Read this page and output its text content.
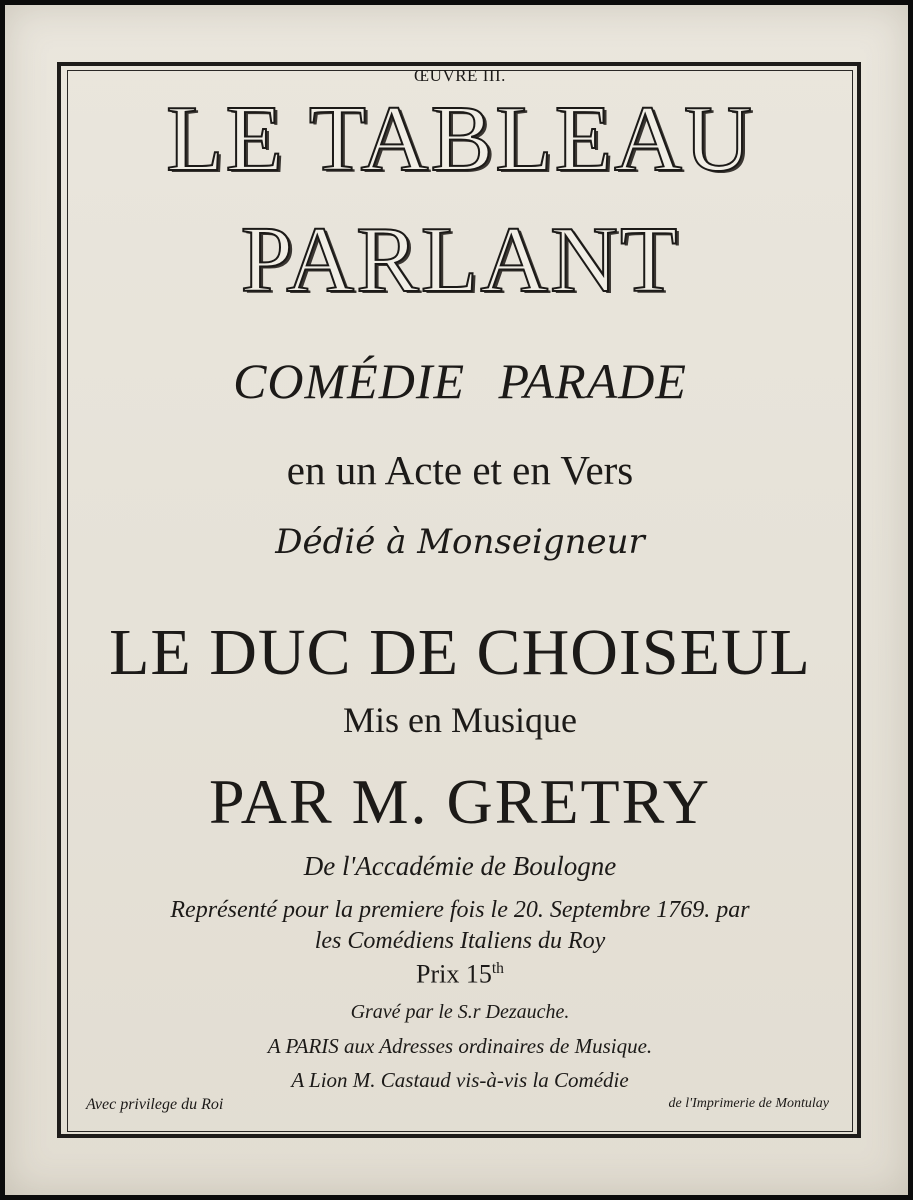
ŒUVRE III.
LE TABLEAU
PARLANT
COMÉDIE PARADE
en un Acte et en Vers
Dédié à Monseigneur
LE DUC DE CHOISEUL
Mis en Musique
PAR M. GRETRY
De l'Accadémie de Boulogne
Représenté pour la premiere fois le 20. Septembre 1769. par
les Comédiens Italiens du Roy
Prix 15th
Gravé par le S.r Dezauche.
A PARIS aux Adresses ordinaires de Musique.
A Lion M. Castaud vis-à-vis la Comédie
Avec privilege du Roi	de l'Imprimerie de Montulay
